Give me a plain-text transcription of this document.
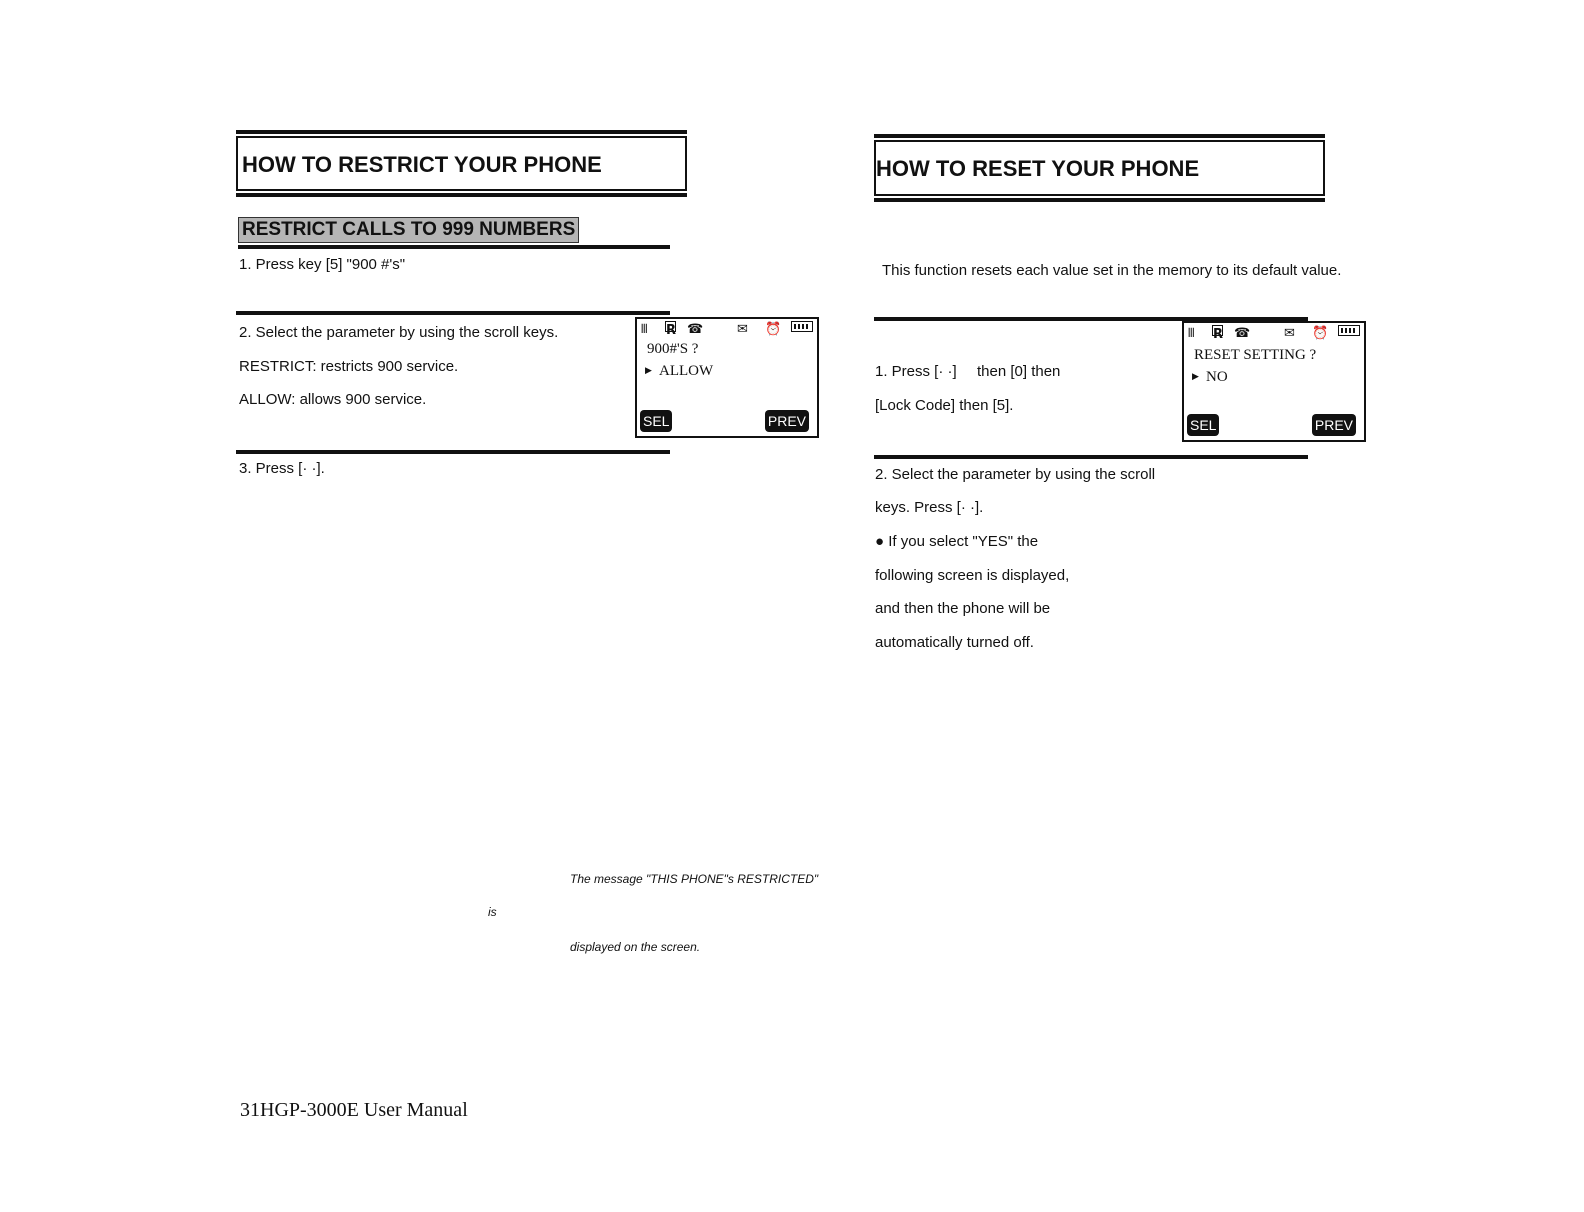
HOW TO RESTRICT YOUR PHONE
RESTRICT CALLS TO 999 NUMBERS
1. Press key [5] "900 #'s"
2. Select the parameter by using the scroll keys.
RESTRICT: restricts 900 service.
ALLOW: allows 900 service.
𝍫 R ☎	✉ ⏰
900#'S ?
▶ ALLOW
SEL	PREV
3. Press [· ·].
The message "THIS PHONE"s RESTRICTED"
is
displayed on the screen.
31HGP-3000E User Manual
HOW TO RESET YOUR PHONE
This function resets each value set in the memory to its default value.
1. Press [· ·] then [0] then
[Lock Code] then [5].
𝍫 R ☎	✉ ⏰
RESET SETTING ?
▶ NO
SEL	PREV
2. Select the parameter by using the scroll
keys. Press [· ·].
● If you select "YES" the
following screen is displayed,
and then the phone will be
automatically turned off.
